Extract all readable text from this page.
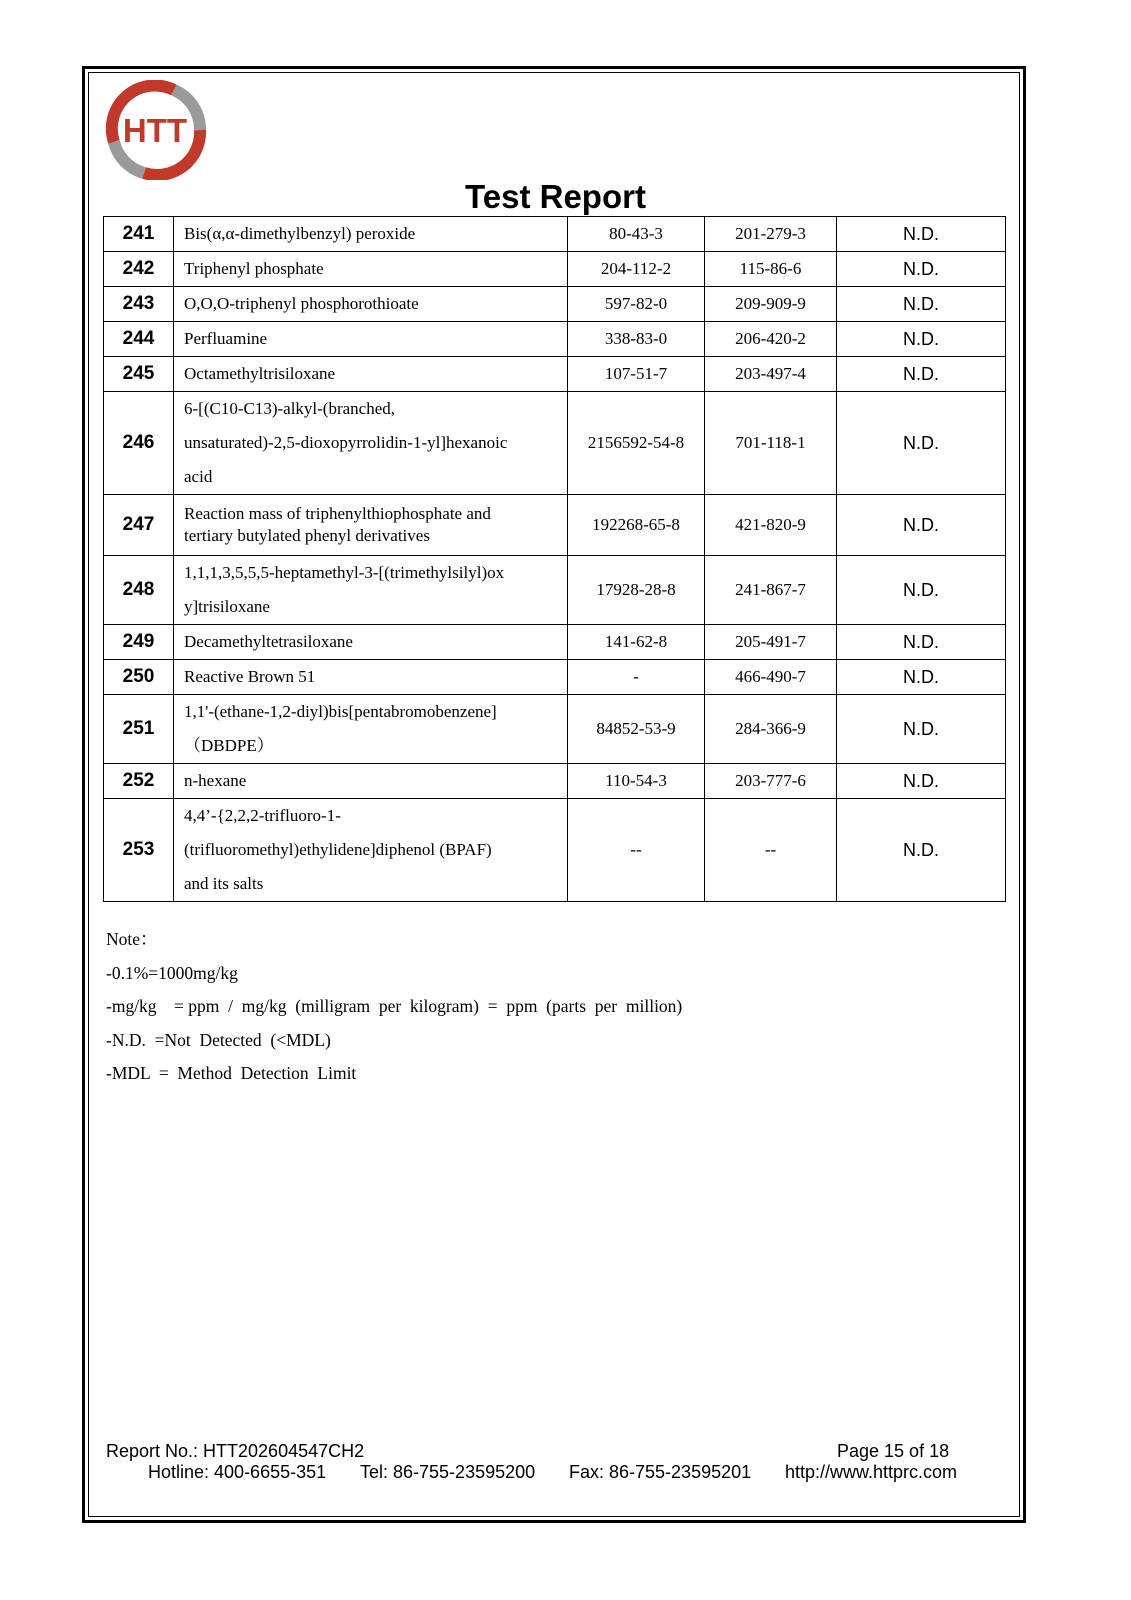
HTT
Test Report
241	Bis(α,α-dimethylbenzyl) peroxide	80-43-3	201-279-3	N.D.
242	Triphenyl phosphate	204-112-2	115-86-6	N.D.
243	O,O,O-triphenyl phosphorothioate	597-82-0	209-909-9	N.D.
244	Perfluamine	338-83-0	206-420-2	N.D.
245	Octamethyltrisiloxane	107-51-7	203-497-4	N.D.
246	6-[(C10-C13)-alkyl-(branched,
unsaturated)-2,5-dioxopyrrolidin-1-yl]hexanoic
acid	2156592-54-8	701-118-1	N.D.
247	Reaction mass of triphenylthiophosphate and
tertiary butylated phenyl derivatives	192268-65-8	421-820-9	N.D.
248	1,1,1,3,5,5,5-heptamethyl-3-[(trimethylsilyl)ox
y]trisiloxane	17928-28-8	241-867-7	N.D.
249	Decamethyltetrasiloxane	141-62-8	205-491-7	N.D.
250	Reactive Brown 51	-	466-490-7	N.D.
251	1,1'-(ethane-1,2-diyl)bis[pentabromobenzene]
（DBDPE）	84852-53-9	284-366-9	N.D.
252	n-hexane	110-54-3	203-777-6	N.D.
253	4,4’-{2,2,2-trifluoro-1-
(trifluoromethyl)ethylidene]diphenol (BPAF)
and its salts	--	--	N.D.
Note：
-0.1%=1000mg/kg
-mg/kg    = ppm  /  mg/kg  (milligram  per  kilogram)  =  ppm  (parts  per  million)
-N.D.  =Not  Detected  (<MDL)
-MDL  =  Method  Detection  Limit
Report No.: HTT202604547CH2	Page 15 of 18
Hotline: 400-6655-351 Tel: 86-755-23595200 Fax: 86-755-23595201 http://www.httprc.com
